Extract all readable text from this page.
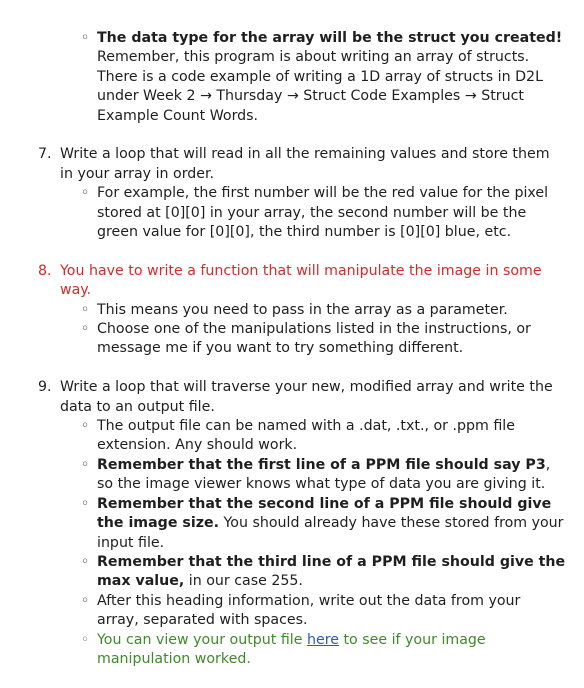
◦ The data type for the array will be the struct you created! Remember, this program is about writing an array of structs. There is a code example of writing a 1D array of structs in D2L under Week 2 → Thursday → Struct Code Examples → Struct Example Count Words.
7. Write a loop that will read in all the remaining values and store them in your array in order.
◦ For example, the first number will be the red value for the pixel stored at [0][0] in your array, the second number will be the green value for [0][0], the third number is [0][0] blue, etc.
8. You have to write a function that will manipulate the image in some way.
◦ This means you need to pass in the array as a parameter.
◦ Choose one of the manipulations listed in the instructions, or message me if you want to try something different.
9. Write a loop that will traverse your new, modified array and write the data to an output file.
◦ The output file can be named with a .dat, .txt., or .ppm file extension. Any should work.
◦ Remember that the first line of a PPM file should say P3, so the image viewer knows what type of data you are giving it.
◦ Remember that the second line of a PPM file should give the image size. You should already have these stored from your input file.
◦ Remember that the third line of a PPM file should give the max value, in our case 255.
◦ After this heading information, write out the data from your array, separated with spaces.
◦ You can view your output file here to see if your image manipulation worked.
